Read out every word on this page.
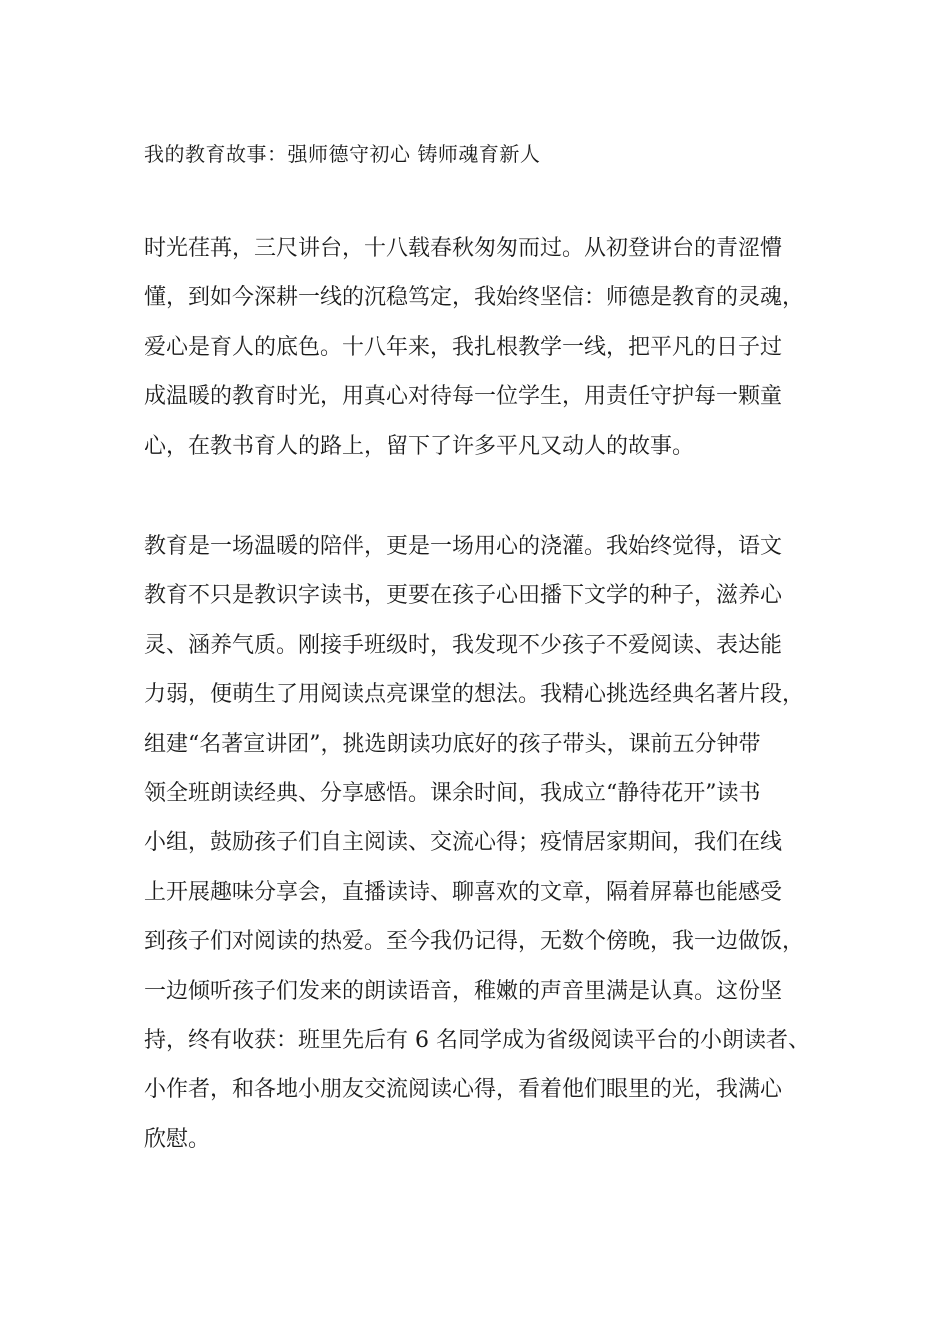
我的教育故事：强师德守初心 铸师魂育新人
时光荏苒，三尺讲台，十八载春秋匆匆而过。从初登讲台的青涩懵
懂，到如今深耕一线的沉稳笃定，我始终坚信：师德是教育的灵魂，
爱心是育人的底色。十八年来，我扎根教学一线，把平凡的日子过
成温暖的教育时光，用真心对待每一位学生，用责任守护每一颗童
心，在教书育人的路上，留下了许多平凡又动人的故事。
教育是一场温暖的陪伴，更是一场用心的浇灌。我始终觉得，语文
教育不只是教识字读书，更要在孩子心田播下文学的种子，滋养心
灵、涵养气质。刚接手班级时，我发现不少孩子不爱阅读、表达能
力弱，便萌生了用阅读点亮课堂的想法。我精心挑选经典名著片段，
组建“名著宣讲团”，挑选朗读功底好的孩子带头，课前五分钟带
领全班朗读经典、分享感悟。课余时间，我成立“静待花开”读书
小组，鼓励孩子们自主阅读、交流心得；疫情居家期间，我们在线
上开展趣味分享会，直播读诗、聊喜欢的文章，隔着屏幕也能感受
到孩子们对阅读的热爱。至今我仍记得，无数个傍晚，我一边做饭，
一边倾听孩子们发来的朗读语音，稚嫩的声音里满是认真。这份坚
持，终有收获：班里先后有 6 名同学成为省级阅读平台的小朗读者、
小作者，和各地小朋友交流阅读心得，看着他们眼里的光，我满心
欣慰。
